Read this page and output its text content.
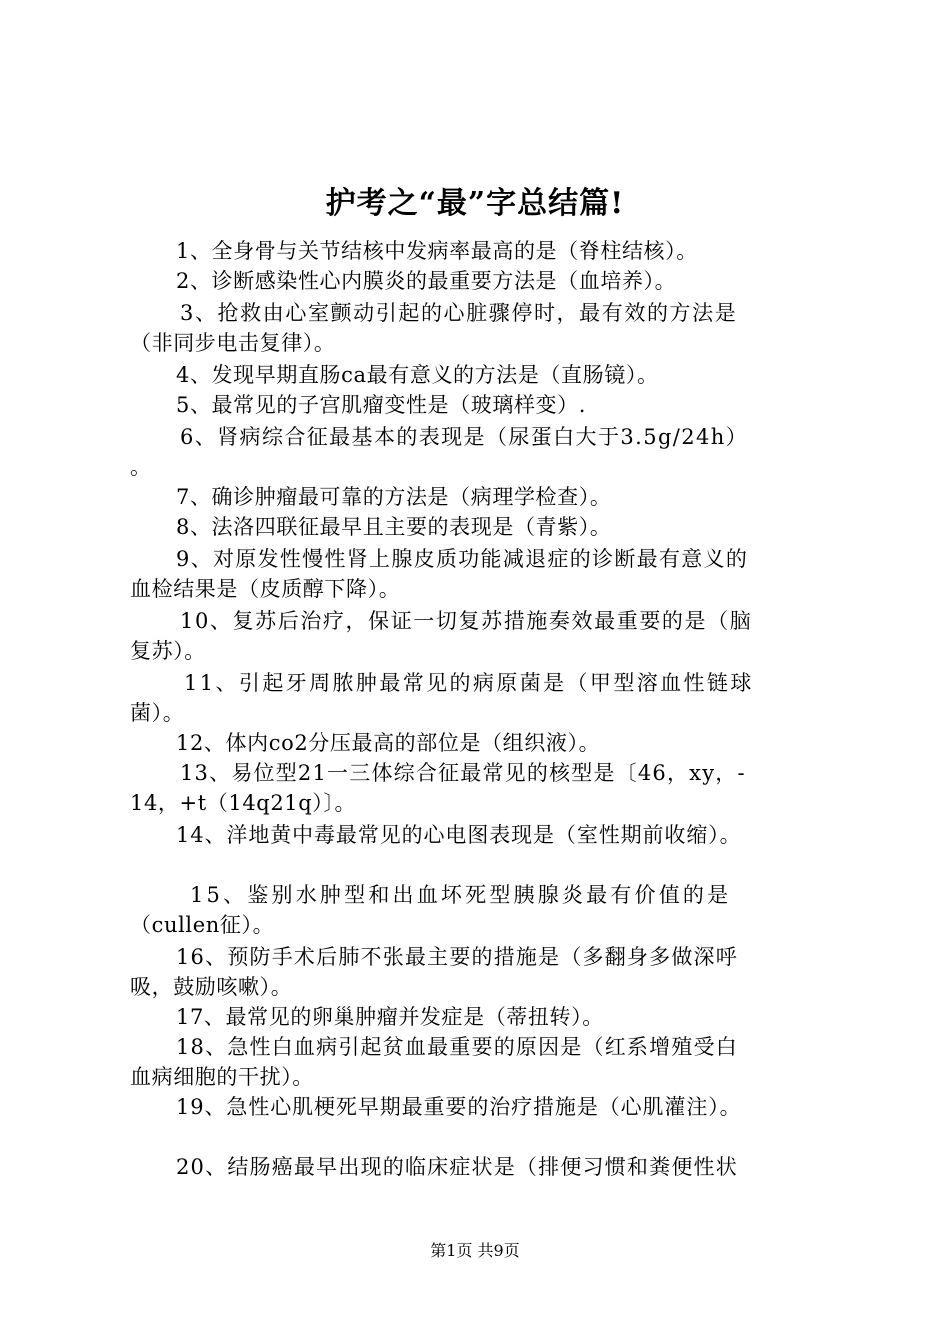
护考之“最”字总结篇!
1、全身骨与关节结核中发病率最高的是（脊柱结核）。
2、诊断感染性心内膜炎的最重要方法是（血培养）。
3、抢救由心室颤动引起的心脏骤停时，最有效的方法是
（非同步电击复律）。
4、发现早期直肠ca最有意义的方法是（直肠镜）。
5、最常见的子宫肌瘤变性是（玻璃样变）.
6、肾病综合征最基本的表现是（尿蛋白大于3.5g/24h）
。
7、确诊肿瘤最可靠的方法是（病理学检查）。
8、法洛四联征最早且主要的表现是（青紫）。
9、对原发性慢性肾上腺皮质功能减退症的诊断最有意义的
血检结果是（皮质醇下降）。
10、复苏后治疗，保证一切复苏措施奏效最重要的是（脑
复苏）。
11、引起牙周脓肿最常见的病原菌是（甲型溶血性链球
菌）。
12、体内co2分压最高的部位是（组织液）。
13、易位型21一三体综合征最常见的核型是〔46，xy，-
14，+t（14q21q）〕。
14、洋地黄中毒最常见的心电图表现是（室性期前收缩）。
15、鉴别水肿型和出血坏死型胰腺炎最有价值的是
（cullen征）。
16、预防手术后肺不张最主要的措施是（多翻身多做深呼
吸，鼓励咳嗽）。
17、最常见的卵巢肿瘤并发症是（蒂扭转）。
18、急性白血病引起贫血最重要的原因是（红系增殖受白
血病细胞的干扰）。
19、急性心肌梗死早期最重要的治疗措施是（心肌灌注）。
20、结肠癌最早出现的临床症状是（排便习惯和粪便性状
第1页 共9页
